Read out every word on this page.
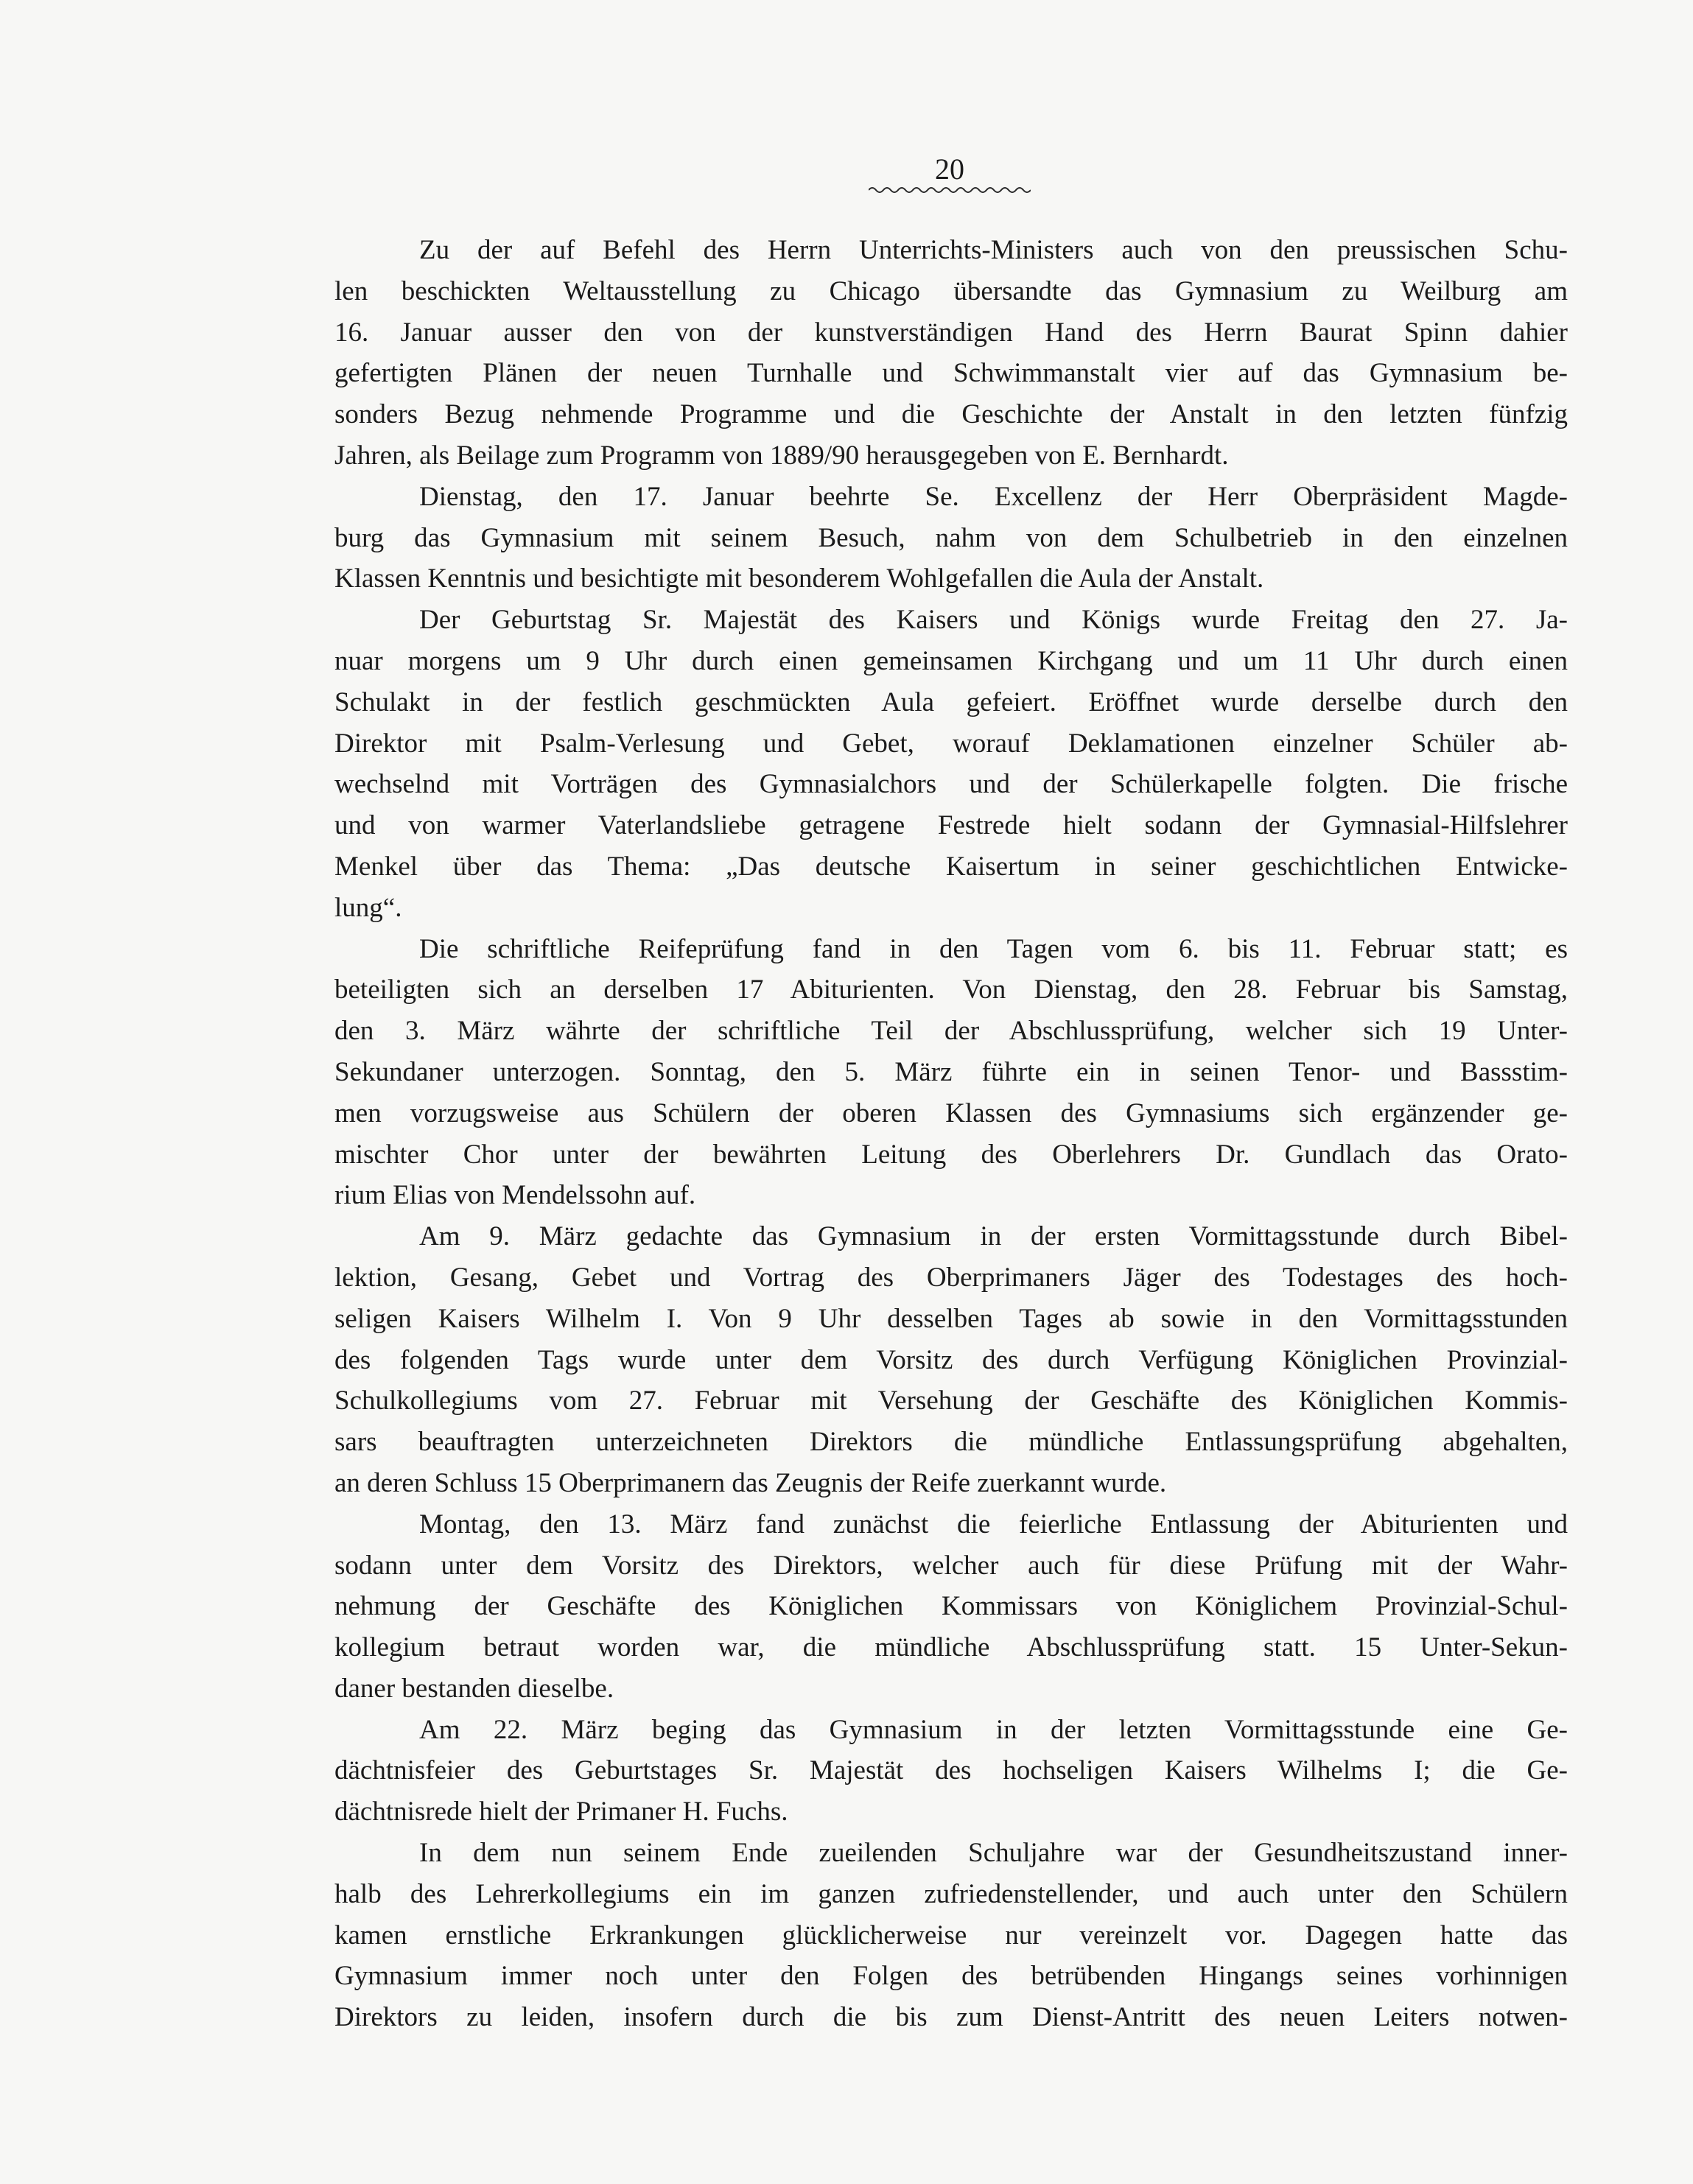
20
Zu der auf Befehl des Herrn Unterrichts-Ministers auch von den preussischen Schu-
len beschickten Weltausstellung zu Chicago übersandte das Gymnasium zu Weilburg am
16. Januar ausser den von der kunstverständigen Hand des Herrn Baurat Spinn dahier
gefertigten Plänen der neuen Turnhalle und Schwimmanstalt vier auf das Gymnasium be-
sonders Bezug nehmende Programme und die Geschichte der Anstalt in den letzten fünfzig
Jahren, als Beilage zum Programm von 1889/90 herausgegeben von E. Bernhardt.
Dienstag, den 17. Januar beehrte Se. Excellenz der Herr Oberpräsident Magde-
burg das Gymnasium mit seinem Besuch, nahm von dem Schulbetrieb in den einzelnen
Klassen Kenntnis und besichtigte mit besonderem Wohlgefallen die Aula der Anstalt.
Der Geburtstag Sr. Majestät des Kaisers und Königs wurde Freitag den 27. Ja-
nuar morgens um 9 Uhr durch einen gemeinsamen Kirchgang und um 11 Uhr durch einen
Schulakt in der festlich geschmückten Aula gefeiert. Eröffnet wurde derselbe durch den
Direktor mit Psalm-Verlesung und Gebet, worauf Deklamationen einzelner Schüler ab-
wechselnd mit Vorträgen des Gymnasialchors und der Schülerkapelle folgten. Die frische
und von warmer Vaterlandsliebe getragene Festrede hielt sodann der Gymnasial-Hilfslehrer
Menkel über das Thema: „Das deutsche Kaisertum in seiner geschichtlichen Entwicke-
lung“.
Die schriftliche Reifeprüfung fand in den Tagen vom 6. bis 11. Februar statt; es
beteiligten sich an derselben 17 Abiturienten. Von Dienstag, den 28. Februar bis Samstag,
den 3. März währte der schriftliche Teil der Abschlussprüfung, welcher sich 19 Unter-
Sekundaner unterzogen. Sonntag, den 5. März führte ein in seinen Tenor- und Bassstim-
men vorzugsweise aus Schülern der oberen Klassen des Gymnasiums sich ergänzender ge-
mischter Chor unter der bewährten Leitung des Oberlehrers Dr. Gundlach das Orato-
rium Elias von Mendelssohn auf.
Am 9. März gedachte das Gymnasium in der ersten Vormittagsstunde durch Bibel-
lektion, Gesang, Gebet und Vortrag des Oberprimaners Jäger des Todestages des hoch-
seligen Kaisers Wilhelm I. Von 9 Uhr desselben Tages ab sowie in den Vormittagsstunden
des folgenden Tags wurde unter dem Vorsitz des durch Verfügung Königlichen Provinzial-
Schulkollegiums vom 27. Februar mit Versehung der Geschäfte des Königlichen Kommis-
sars beauftragten unterzeichneten Direktors die mündliche Entlassungsprüfung abgehalten,
an deren Schluss 15 Oberprimanern das Zeugnis der Reife zuerkannt wurde.
Montag, den 13. März fand zunächst die feierliche Entlassung der Abiturienten und
sodann unter dem Vorsitz des Direktors, welcher auch für diese Prüfung mit der Wahr-
nehmung der Geschäfte des Königlichen Kommissars von Königlichem Provinzial-Schul-
kollegium betraut worden war, die mündliche Abschlussprüfung statt. 15 Unter-Sekun-
daner bestanden dieselbe.
Am 22. März beging das Gymnasium in der letzten Vormittagsstunde eine Ge-
dächtnisfeier des Geburtstages Sr. Majestät des hochseligen Kaisers Wilhelms I; die Ge-
dächtnisrede hielt der Primaner H. Fuchs.
In dem nun seinem Ende zueilenden Schuljahre war der Gesundheitszustand inner-
halb des Lehrerkollegiums ein im ganzen zufriedenstellender, und auch unter den Schülern
kamen ernstliche Erkrankungen glücklicherweise nur vereinzelt vor. Dagegen hatte das
Gymnasium immer noch unter den Folgen des betrübenden Hingangs seines vorhinnigen
Direktors zu leiden, insofern durch die bis zum Dienst-Antritt des neuen Leiters notwen-
